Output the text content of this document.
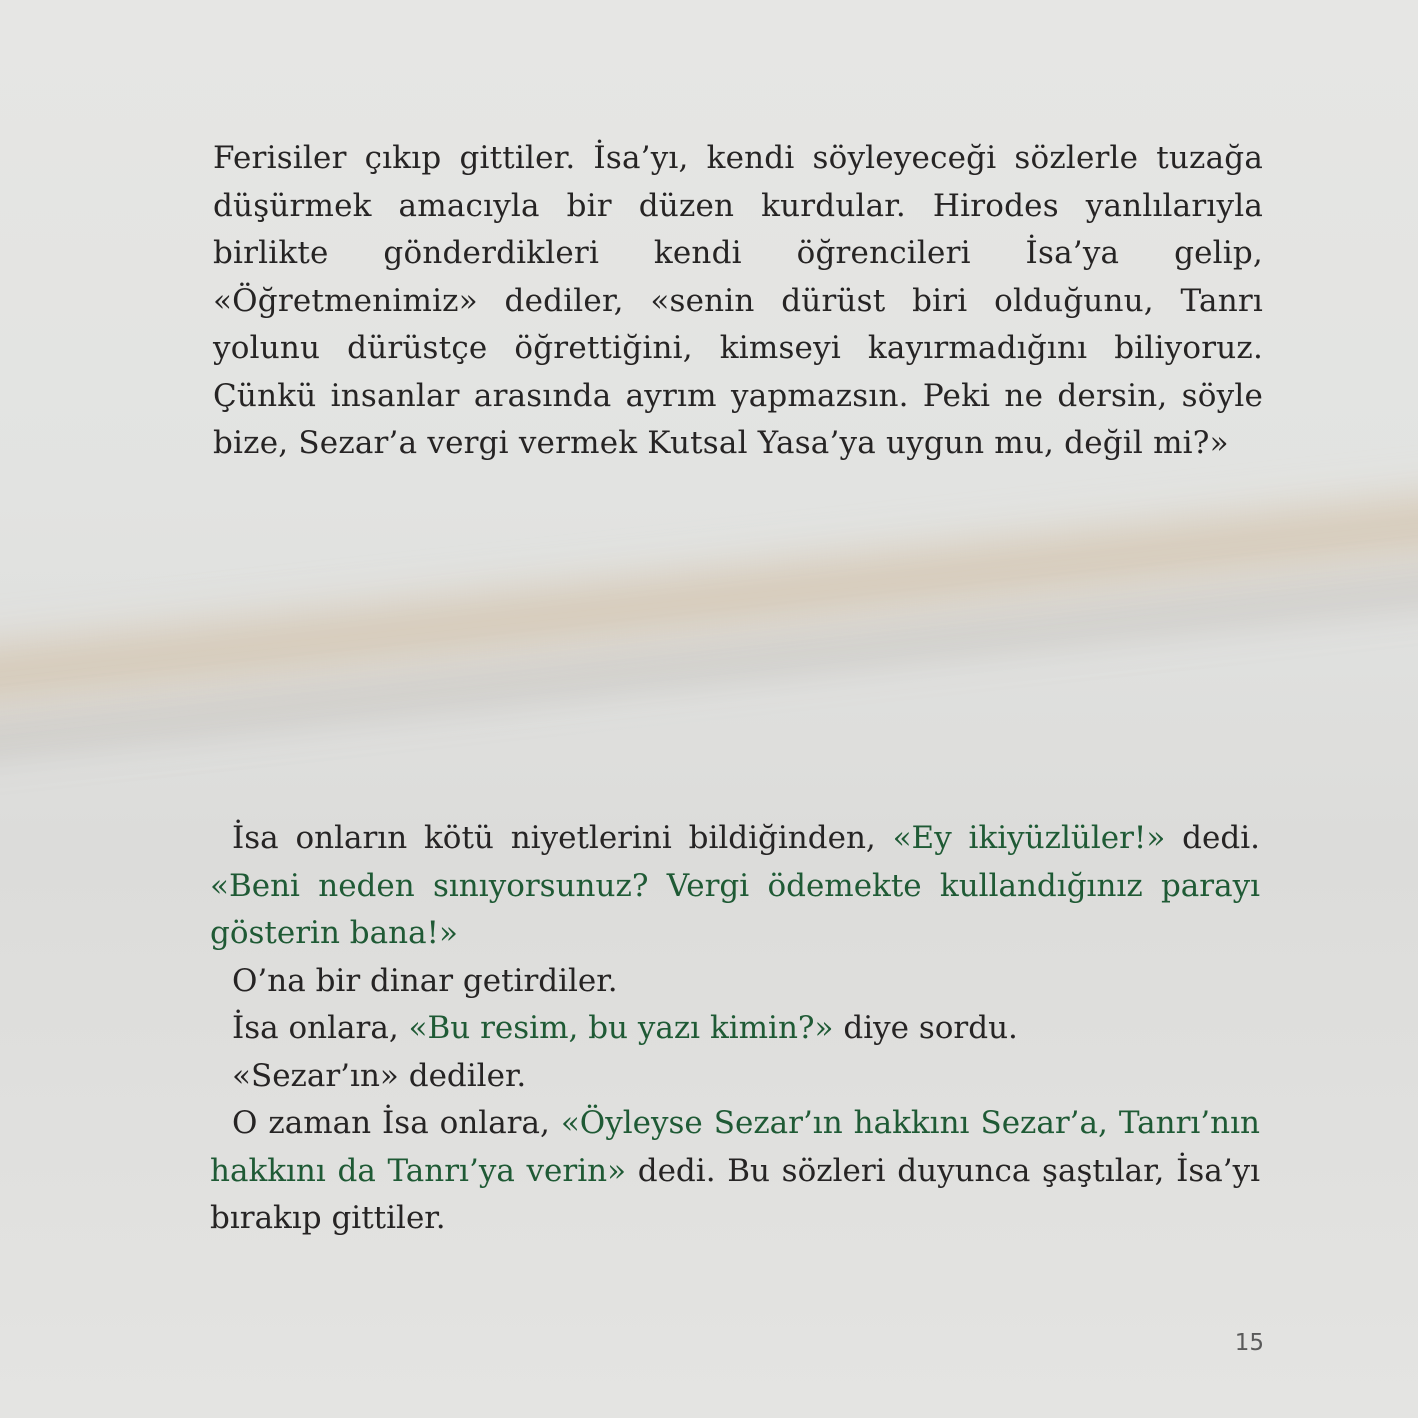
Ferisiler çıkıp gittiler. İsa’yı, kendi söyleyeceği sözlerle tuzağa düşürmek amacıyla bir düzen kurdular. Hirodes yanlılarıyla birlikte gönderdikleri kendi öğrencileri İsa’ya gelip, «Öğretmenimiz» dediler, «senin dürüst biri olduğunu, Tanrı yolunu dürüstçe öğrettiğini, kimseyi kayırmadığını biliyoruz. Çünkü insanlar arasında ayrım yapmazsın. Peki ne dersin, söyle bize, Sezar’a vergi vermek Kutsal Yasa’ya uygun mu, değil mi?»

İsa onların kötü niyetlerini bildiğinden, «Ey ikiyüzlüler!» dedi. «Beni neden sınıyorsunuz? Vergi ödemekte kullandığınız parayı gösterin bana!»

O’na bir dinar getirdiler.

İsa onlara, «Bu resim, bu yazı kimin?» diye sordu.

«Sezar’ın» dediler.

O zaman İsa onlara, «Öyleyse Sezar’ın hakkını Sezar’a, Tanrı’nın hakkını da Tanrı’ya verin» dedi. Bu sözleri duyunca şaştılar, İsa’yı bırakıp gittiler.

15
